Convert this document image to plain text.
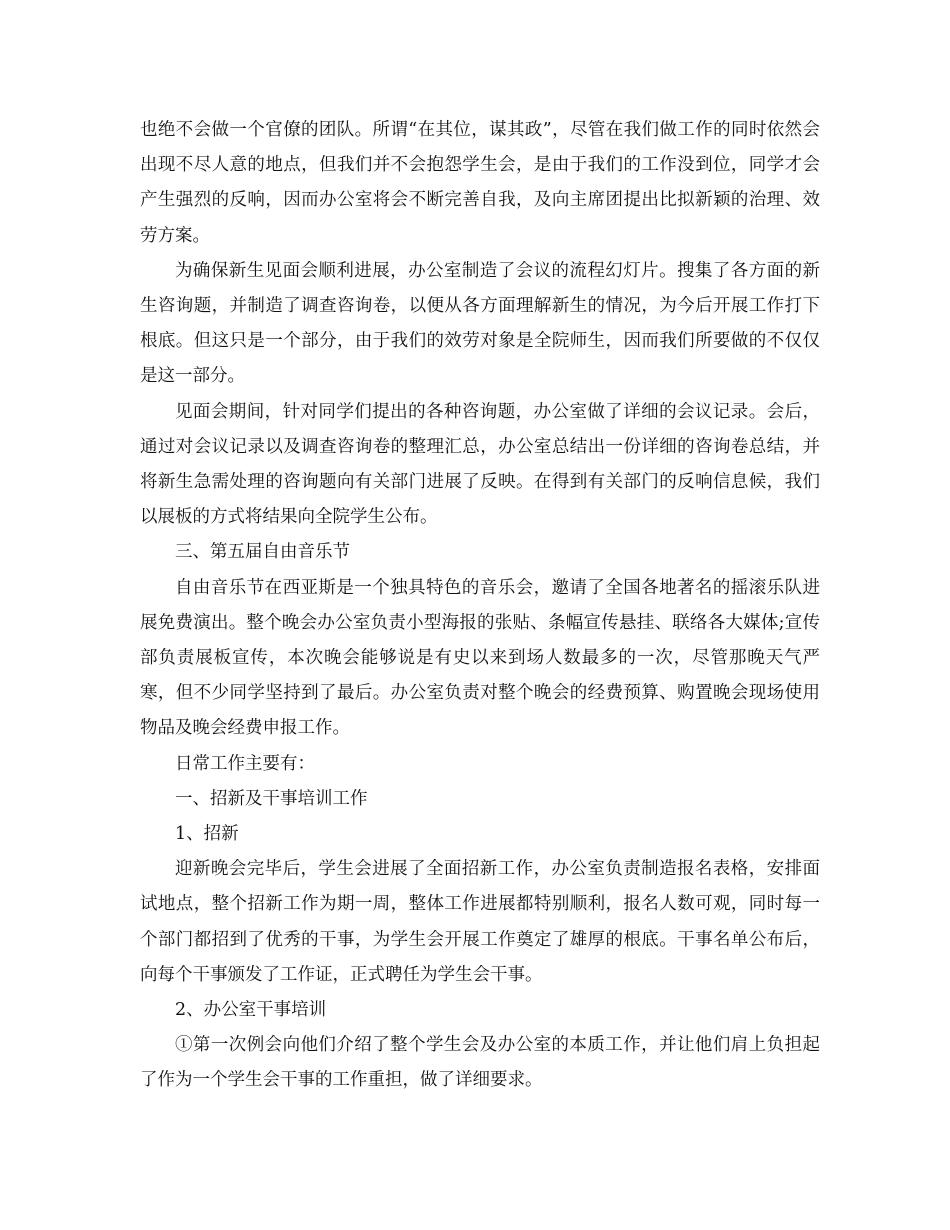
也绝不会做一个官僚的团队。所谓“在其位，谋其政”，尽管在我们做工作的同时依然会出现不尽人意的地点，但我们并不会抱怨学生会，是由于我们的工作没到位，同学才会产生强烈的反响，因而办公室将会不断完善自我，及向主席团提出比拟新颖的治理、效劳方案。

为确保新生见面会顺利进展，办公室制造了会议的流程幻灯片。搜集了各方面的新生咨询题，并制造了调查咨询卷，以便从各方面理解新生的情况，为今后开展工作打下根底。但这只是一个部分，由于我们的效劳对象是全院师生，因而我们所要做的不仅仅是这一部分。

见面会期间，针对同学们提出的各种咨询题，办公室做了详细的会议记录。会后，通过对会议记录以及调查咨询卷的整理汇总，办公室总结出一份详细的咨询卷总结，并将新生急需处理的咨询题向有关部门进展了反映。在得到有关部门的反响信息候，我们以展板的方式将结果向全院学生公布。

三、第五届自由音乐节

自由音乐节在西亚斯是一个独具特色的音乐会，邀请了全国各地著名的摇滚乐队进展免费演出。整个晚会办公室负责小型海报的张贴、条幅宣传悬挂、联络各大媒体;宣传部负责展板宣传，本次晚会能够说是有史以来到场人数最多的一次，尽管那晚天气严寒，但不少同学坚持到了最后。办公室负责对整个晚会的经费预算、购置晚会现场使用物品及晚会经费申报工作。

日常工作主要有：

一、招新及干事培训工作

1、招新

迎新晚会完毕后，学生会进展了全面招新工作，办公室负责制造报名表格，安排面试地点，整个招新工作为期一周，整体工作进展都特别顺利，报名人数可观，同时每一个部门都招到了优秀的干事，为学生会开展工作奠定了雄厚的根底。干事名单公布后，向每个干事颁发了工作证，正式聘任为学生会干事。

2、办公室干事培训

①第一次例会向他们介绍了整个学生会及办公室的本质工作，并让他们肩上负担起了作为一个学生会干事的工作重担，做了详细要求。
